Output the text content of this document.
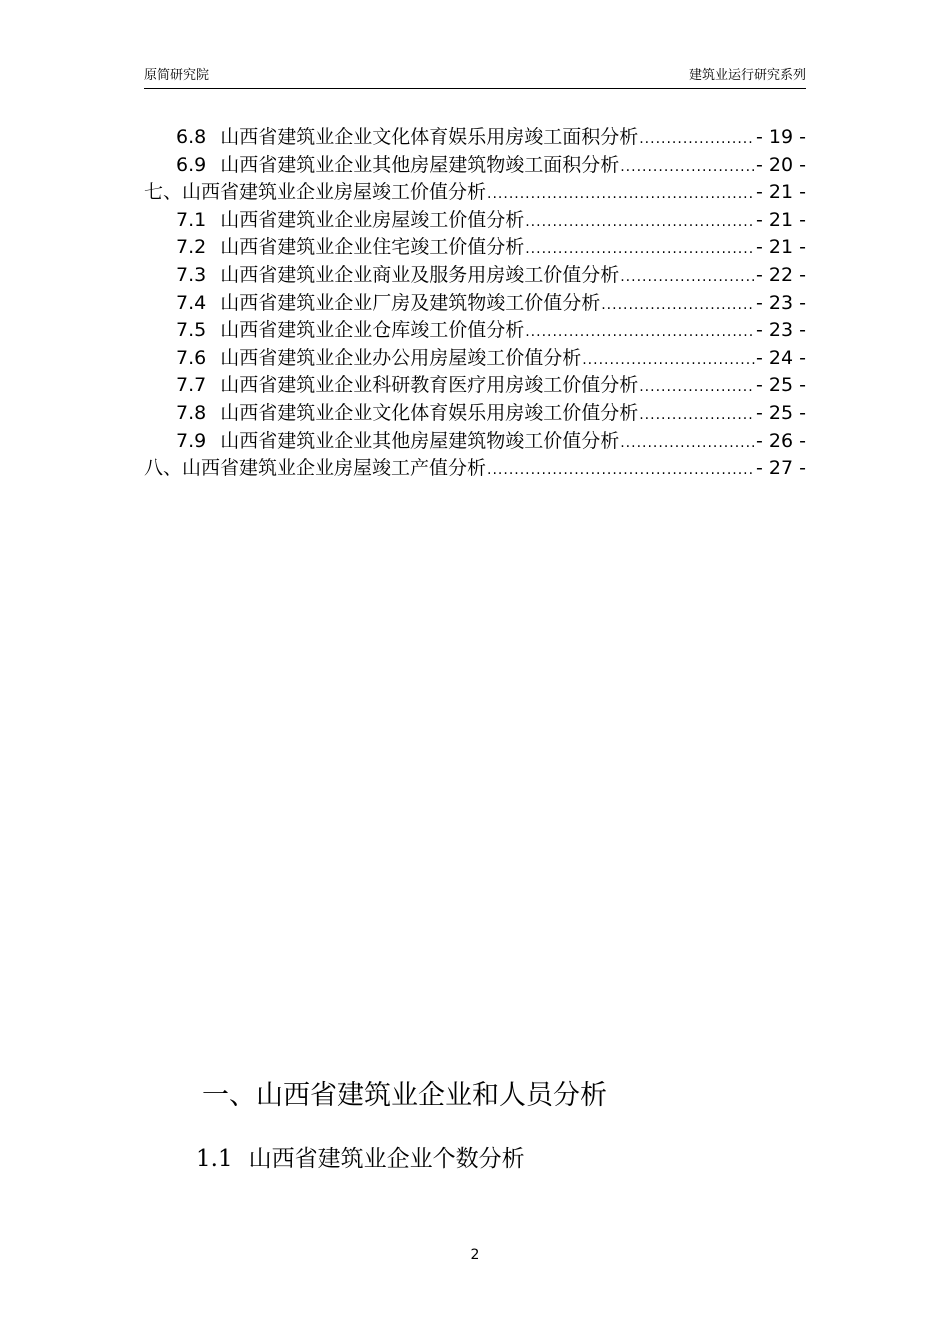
原简研究院	建筑业运行研究系列
6.8 山西省建筑业企业文化体育娱乐用房竣工面积分析 .....	- 19 -
6.9 山西省建筑业企业其他房屋建筑物竣工面积分析 .....	- 20 -
七、山西省建筑业企业房屋竣工价值分析 .....	- 21 -
7.1 山西省建筑业企业房屋竣工价值分析 .....	- 21 -
7.2 山西省建筑业企业住宅竣工价值分析 .....	- 21 -
7.3 山西省建筑业企业商业及服务用房竣工价值分析 .....	- 22 -
7.4 山西省建筑业企业厂房及建筑物竣工价值分析 .....	- 23 -
7.5 山西省建筑业企业仓库竣工价值分析 .....	- 23 -
7.6 山西省建筑业企业办公用房屋竣工价值分析 .....	- 24 -
7.7 山西省建筑业企业科研教育医疗用房竣工价值分析 .....	- 25 -
7.8 山西省建筑业企业文化体育娱乐用房竣工价值分析 .....	- 25 -
7.9 山西省建筑业企业其他房屋建筑物竣工价值分析 .....	- 26 -
八、山西省建筑业企业房屋竣工产值分析 .....	- 27 -
一、山西省建筑业企业和人员分析
1.1 山西省建筑业企业个数分析
2
